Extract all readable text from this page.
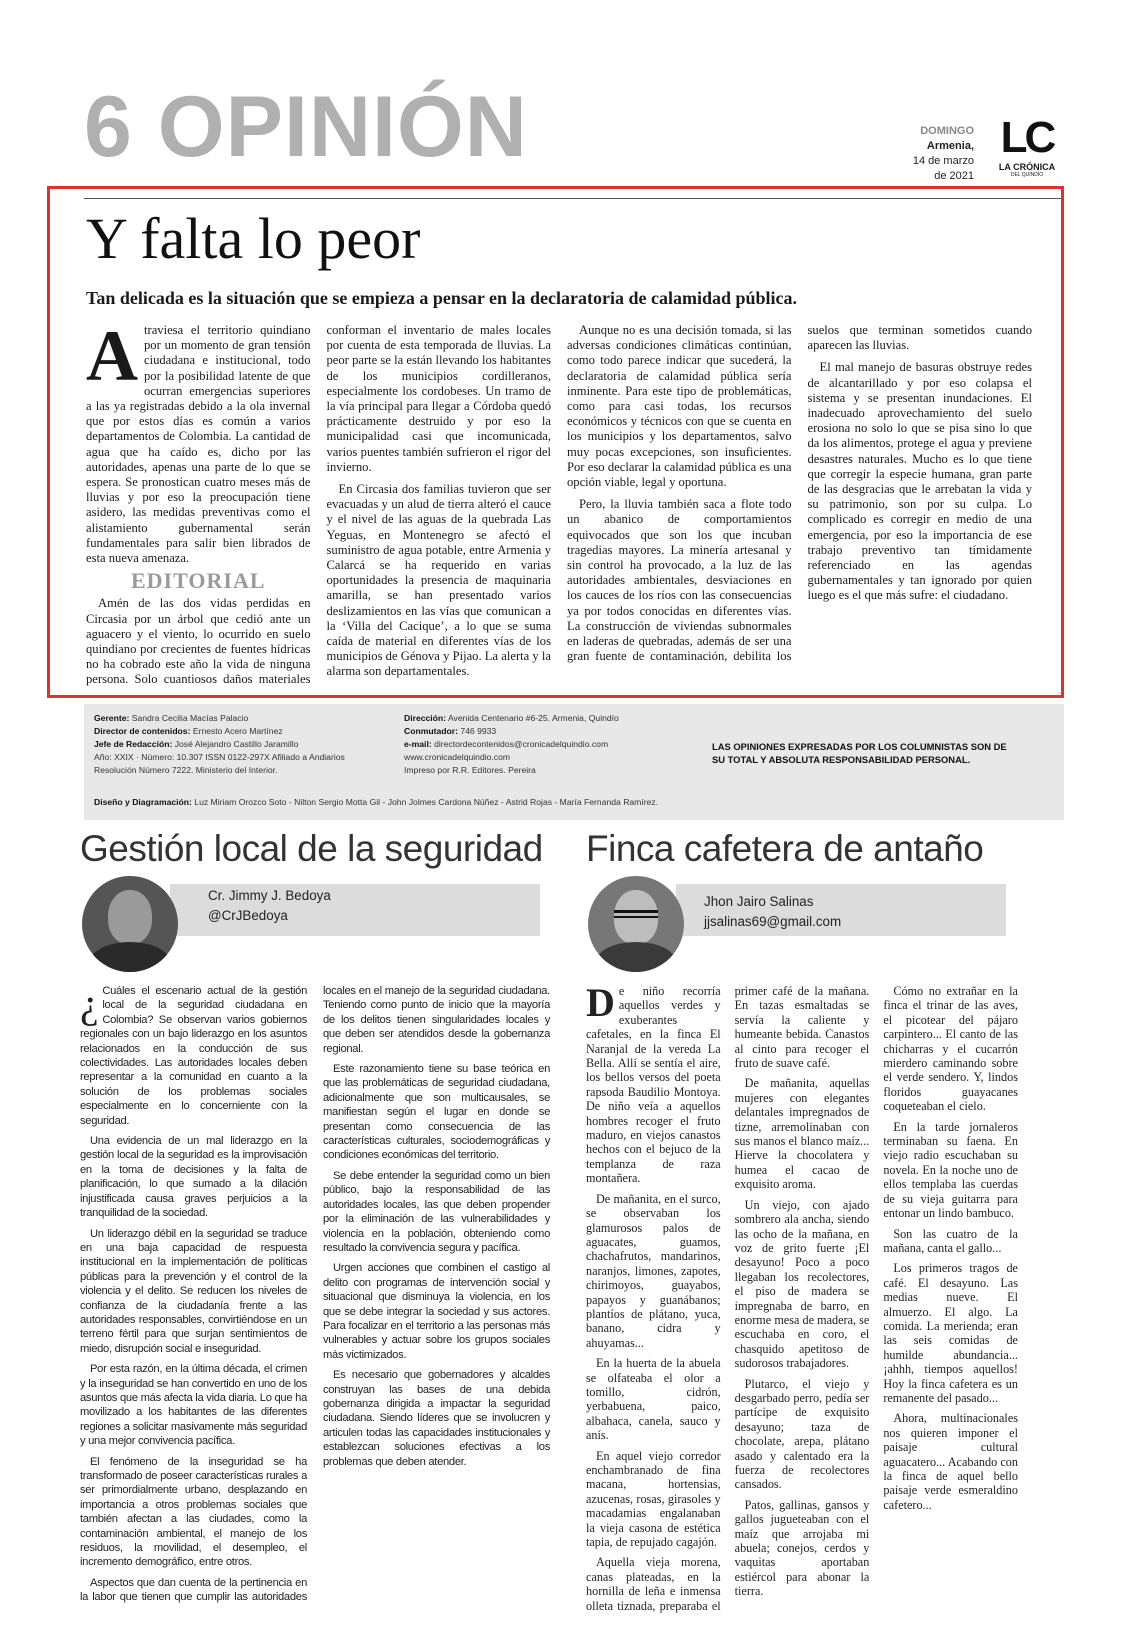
6 OPINIÓN	DOMINGO
Armenia,
14 de marzo
de 2021
LC
LA CRÓNICA
DEL QUINDÍO
Y falta lo peor
Tan delicada es la situación que se empieza a pensar en la declaratoria de calamidad pública.

Atraviesa el territorio quindiano por un momento de gran tensión ciudadana e institucional, todo por la posibilidad latente de que ocurran emergencias superiores a las ya registradas debido a la ola invernal que por estos días es común a varios departamentos de Colombia. La cantidad de agua que ha caído es, dicho por las autoridades, apenas una parte de lo que se espera. Se pronostican cuatro meses más de lluvias y por eso la preocupación tiene asidero, las medidas preventivas como el alistamiento gubernamental serán fundamentales para salir bien librados de esta nueva amenaza.

EDITORIAL

Amén de las dos vidas perdidas en Circasia por un árbol que cedió ante un aguacero y el viento, lo ocurrido en suelo quindiano por crecientes de fuentes hídricas no ha cobrado este año la vida de ninguna persona. Solo cuantiosos daños materiales conforman el inventario de males locales por cuenta de esta temporada de lluvias. La peor parte se la están llevando los habitantes de los municipios cordilleranos, especialmente los cordobeses. Un tramo de la vía principal para llegar a Córdoba quedó prácticamente destruido y por eso la municipalidad casi que incomunicada, varios puentes también sufrieron el rigor del invierno.

En Circasia dos familias tuvieron que ser evacuadas y un alud de tierra alteró el cauce y el nivel de las aguas de la quebrada Las Yeguas, en Montenegro se afectó el suministro de agua potable, entre Armenia y Calarcá se ha requerido en varias oportunidades la presencia de maquinaria amarilla, se han presentado varios deslizamientos en las vías que comunican a la ‘Villa del Cacique’, a lo que se suma caída de material en diferentes vías de los municipios de Génova y Pijao. La alerta y la alarma son departamentales.

Aunque no es una decisión tomada, si las adversas condiciones climáticas continúan, como todo parece indicar que sucederá, la declaratoria de calamidad pública sería inminente. Para este tipo de problemáticas, como para casi todas, los recursos económicos y técnicos con que se cuenta en los municipios y los departamentos, salvo muy pocas excepciones, son insuficientes. Por eso declarar la calamidad pública es una opción viable, legal y oportuna.

Pero, la lluvia también saca a flote todo un abanico de comportamientos equivocados que son los que incuban tragedias mayores. La minería artesanal y sin control ha provocado, a la luz de las autoridades ambientales, desviaciones en los cauces de los ríos con las consecuencias ya por todos conocidas en diferentes vías. La construcción de viviendas subnormales en laderas de quebradas, además de ser una gran fuente de contaminación, debilita los suelos que terminan sometidos cuando aparecen las lluvias.

El mal manejo de basuras obstruye redes de alcantarillado y por eso colapsa el sistema y se presentan inundaciones. El inadecuado aprovechamiento del suelo erosiona no solo lo que se pisa sino lo que da los alimentos, protege el agua y previene desastres naturales. Mucho es lo que tiene que corregir la especie humana, gran parte de las desgracias que le arrebatan la vida y su patrimonio, son por su culpa. Lo complicado es corregir en medio de una emergencia, por eso la importancia de ese trabajo preventivo tan tímidamente referenciado en las agendas gubernamentales y tan ignorado por quien luego es el que más sufre: el ciudadano.

Gerente: Sandra Cecilia Macías Palacio
Director de contenidos: Ernesto Acero Martínez
Jefe de Redacción: José Alejandro Castillo Jaramillo
Año: XXIX · Número: 10.307 ISSN 0122-297X Afiliado a Andiarios
Resolución Número 7222. Ministerio del Interior.
Dirección: Avenida Centenario #6-25. Armenia, Quindío
Conmutador: 746 9933
e-mail: directordecontenidos@cronicadelquindio.com
www.cronicadelquindio.com
Impreso por R.R. Editores. Pereira
LAS OPINIONES EXPRESADAS POR LOS COLUMNISTAS SON DE SU TOTAL Y ABSOLUTA RESPONSABILIDAD PERSONAL.
Diseño y Diagramación: Luz Miriam Orozco Soto - Nilton Sergio Motta Gil - John Jolmes Cardona Núñez - Astrid Rojas - María Fernanda Ramírez.
Gestión local de la seguridad
Cr. Jimmy J. Bedoya
@CrJBedoya

¿ Cuáles el escenario actual de la gestión local de la seguridad ciudadana en Colombia? Se observan varios gobiernos regionales con un bajo liderazgo en los asuntos relacionados en la conducción de sus colectividades. Las autoridades locales deben representar a la comunidad en cuanto a la solución de los problemas sociales especialmente en lo concerniente con la seguridad.

Una evidencia de un mal liderazgo en la gestión local de la seguridad es la improvisación en la toma de decisiones y la falta de planificación, lo que sumado a la dilación injustificada causa graves perjuicios a la tranquilidad de la sociedad.

Un liderazgo débil en la seguridad se traduce en una baja capacidad de respuesta institucional en la implementación de políticas públicas para la prevención y el control de la violencia y el delito. Se reducen los niveles de confianza de la ciudadanía frente a las autoridades responsables, convirtiéndose en un terreno fértil para que surjan sentimientos de miedo, disrupción social e inseguridad.

Por esta razón, en la última década, el crimen y la inseguridad se han convertido en uno de los asuntos que más afecta la vida diaria. Lo que ha movilizado a los habitantes de las diferentes regiones a solicitar masivamente más seguridad y una mejor convivencia pacífica.

El fenómeno de la inseguridad se ha transformado de poseer características rurales a ser primordialmente urbano, desplazando en importancia a otros problemas sociales que también afectan a las ciudades, como la contaminación ambiental, el manejo de los residuos, la movilidad, el desempleo, el incremento demográfico, entre otros.

Aspectos que dan cuenta de la pertinencia en la labor que tienen que cumplir las autoridades locales en el manejo de la seguridad ciudadana. Teniendo como punto de inicio que la mayoría de los delitos tienen singularidades locales y que deben ser atendidos desde la gobernanza regional.

Este razonamiento tiene su base teórica en que las problemáticas de seguridad ciudadana, adicionalmente que son multicausales, se manifiestan según el lugar en donde se presentan como consecuencia de las características culturales, sociodemográficas y condiciones económicas del territorio.

Se debe entender la seguridad como un bien público, bajo la responsabilidad de las autoridades locales, las que deben propender por la eliminación de las vulnerabilidades y violencia en la población, obteniendo como resultado la convivencia segura y pacífica.

Urgen acciones que combinen el castigo al delito con programas de intervención social y situacional que disminuya la violencia, en los que se debe integrar la sociedad y sus actores. Para focalizar en el territorio a las personas más vulnerables y actuar sobre los grupos sociales más victimizados.

Es necesario que gobernadores y alcaldes construyan las bases de una debida gobernanza dirigida a impactar la seguridad ciudadana. Siendo líderes que se involucren y articulen todas las capacidades institucionales y establezcan soluciones efectivas a los problemas que deben atender.

Finca cafetera de antaño
Jhon Jairo Salinas
jjsalinas69@gmail.com

De niño recorría aquellos verdes y exuberantes cafetales, en la finca El Naranjal de la vereda La Bella. Allí se sentía el aire, los bellos versos del poeta rapsoda Baudilio Montoya. De niño veía a aquellos hombres recoger el fruto maduro, en viejos canastos hechos con el bejuco de la templanza de raza montañera.

De mañanita, en el surco, se observaban los glamurosos palos de aguacates, guamos, chachafrutos, mandarinos, naranjos, limones, zapotes, chirimoyos, guayabos, papayos y guanábanos; plantíos de plátano, yuca, banano, cidra y ahuyamas...

En la huerta de la abuela se olfateaba el olor a tomillo, cidrón, yerbabuena, paico, albahaca, canela, sauco y anís.

En aquel viejo corredor enchambranado de fina macana, hortensias, azucenas, rosas, girasoles y macadamias engalanaban la vieja casona de estética tapia, de repujado cagajón.

Aquella vieja morena, canas plateadas, en la hornilla de leña e inmensa olleta tiznada, preparaba el primer café de la mañana. En tazas esmaltadas se servía la caliente y humeante bebida. Canastos al cinto para recoger el fruto de suave café.

De mañanita, aquellas mujeres con elegantes delantales impregnados de tizne, arremolinaban con sus manos el blanco maíz... Hierve la chocolatera y humea el cacao de exquisito aroma.

Un viejo, con ajado sombrero ala ancha, siendo las ocho de la mañana, en voz de grito fuerte ¡El desayuno! Poco a poco llegaban los recolectores, el piso de madera se impregnaba de barro, en enorme mesa de madera, se escuchaba en coro, el chasquido apetitoso de sudorosos trabajadores.

Plutarco, el viejo y desgarbado perro, pedía ser partícipe de exquisito desayuno; taza de chocolate, arepa, plátano asado y calentado era la fuerza de recolectores cansados.

Patos, gallinas, gansos y gallos jugueteaban con el maíz que arrojaba mi abuela; conejos, cerdos y vaquitas aportaban estiércol para abonar la tierra.

Cómo no extrañar en la finca el trinar de las aves, el picotear del pájaro carpintero... El canto de las chicharras y el cucarrón mierdero caminando sobre el verde sendero. Y, lindos floridos guayacanes coqueteaban el cielo.

En la tarde jornaleros terminaban su faena. En viejo radio escuchaban su novela. En la noche uno de ellos templaba las cuerdas de su vieja guitarra para entonar un lindo bambuco.

Son las cuatro de la mañana, canta el gallo...

Los primeros tragos de café. El desayuno. Las medias nueve. El almuerzo. El algo. La comida. La merienda; eran las seis comidas de humilde abundancia... ¡ahhh, tiempos aquellos! Hoy la finca cafetera es un remanente del pasado...

Ahora, multinacionales nos quieren imponer el paisaje cultural aguacatero... Acabando con la finca de aquel bello paisaje verde esmeraldino cafetero...
